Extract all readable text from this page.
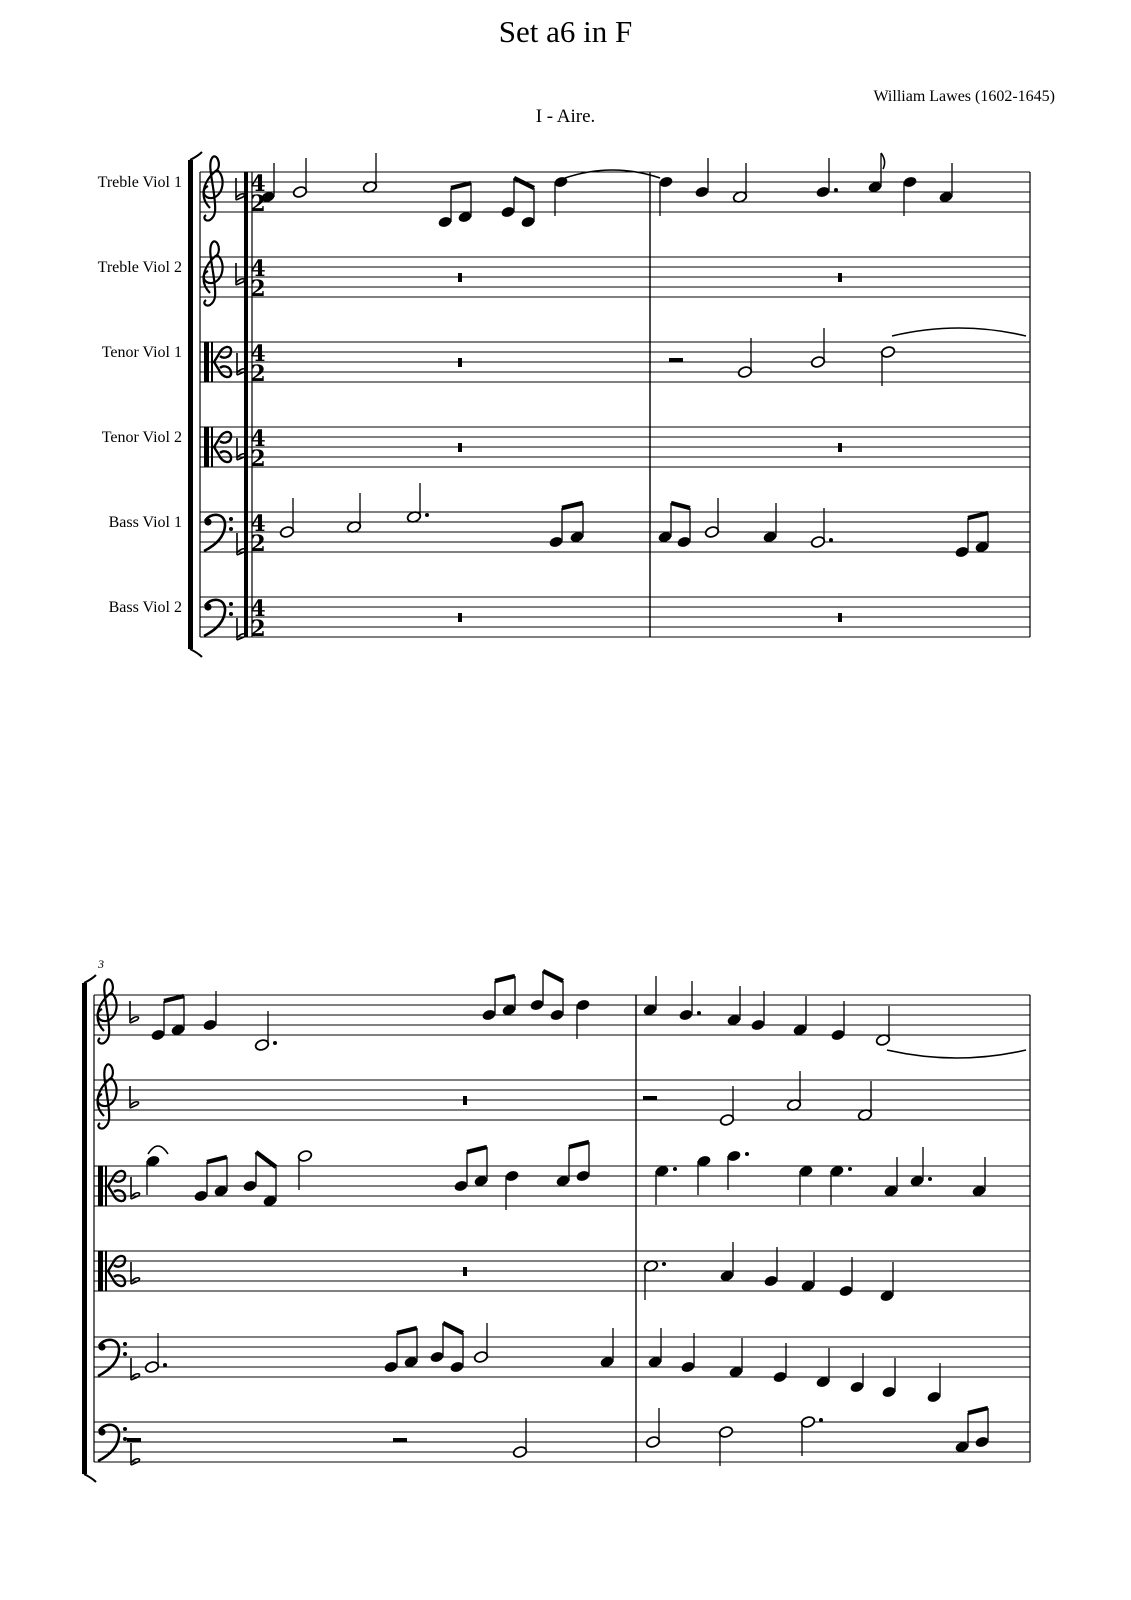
Set a6 in F
William Lawes (1602-1645)
I - Aire.
Treble Viol 1
Treble Viol 2
Tenor Viol 1
Tenor Viol 2
Bass Viol 1
Bass Viol 2
3
4
2
4
2
4
2
4
2
4
2
4
2
